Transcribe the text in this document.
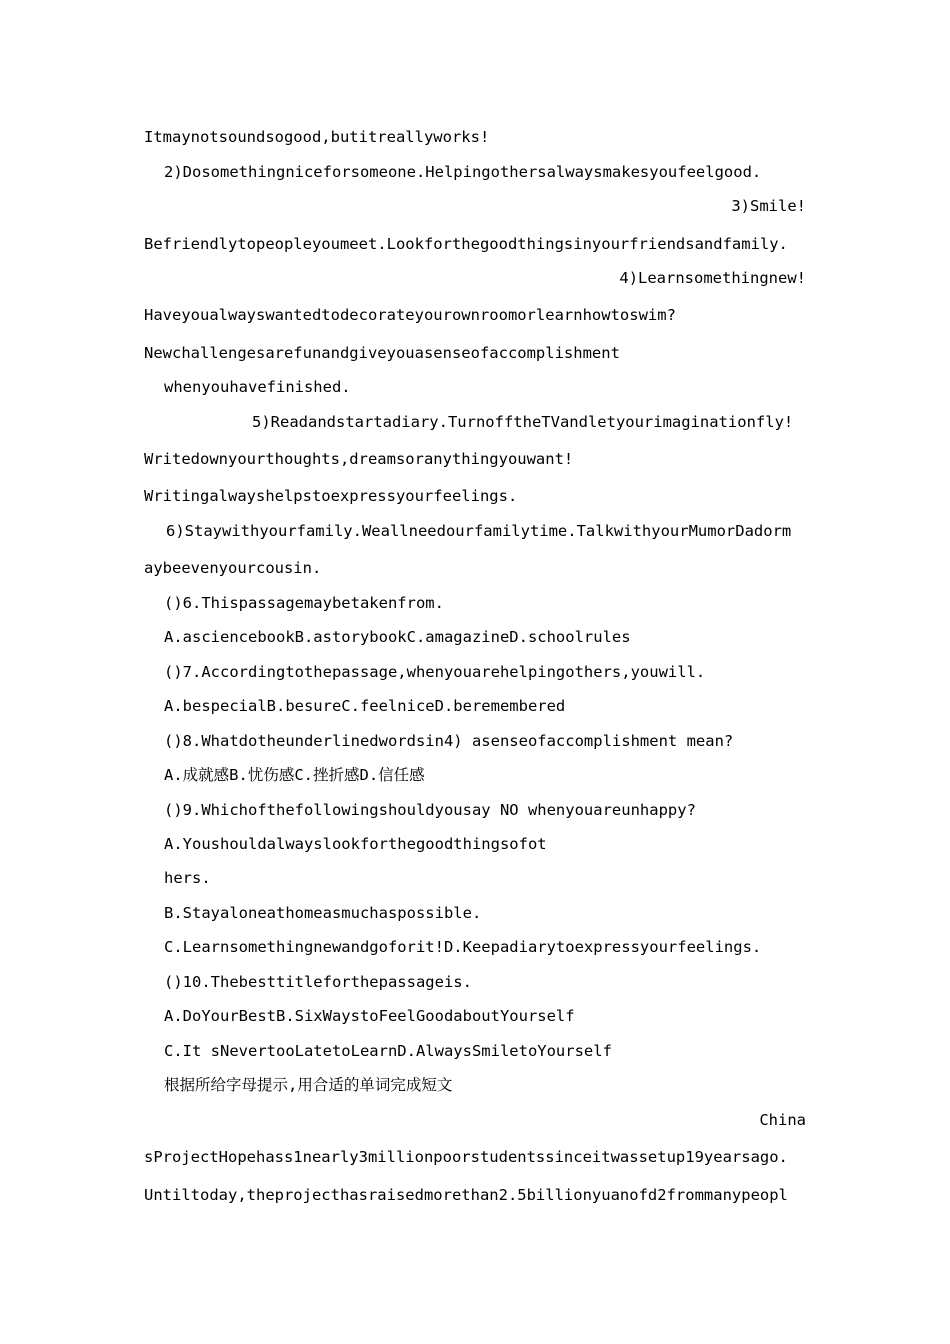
Itmaynotsoundsogood,butitreallyworks!
2)Dosomethingniceforsomeone.Helpingothersalwaysmakesyoufeelgood.
3)Smile!
Befriendlytopeopleyoumeet.Lookforthegoodthingsinyourfriendsandfamily.
4)Learnsomethingnew!
Haveyoualwayswantedtodecorateyourownroomorlearnhowtoswim?
Newchallengesarefunandgiveyouasenseofaccomplishment
whenyouhavefinished.
5)Readandstartadiary.TurnofftheTVandletyourimaginationfly!
Writedownyourthoughts,dreamsoranythingyouwant!
Writingalwayshelpstoexpressyourfeelings.
6)Staywithyourfamily.Weallneedourfamilytime.TalkwithyourMumorDadorm
aybeevenyourcousin.
()6.Thispassagemaybetakenfrom.
A.asciencebookB.astorybookC.amagazineD.schoolrules
()7.Accordingtothepassage,whenyouarehelpingothers,youwill.
A.bespecialB.besureC.feelniceD.beremembered
()8.Whatdotheunderlinedwordsin4) asenseofaccomplishment mean?
A.成就感B.忧伤感C.挫折感D.信任感
()9.Whichofthefollowingshouldyousay NO whenyouareunhappy?
A.Youshouldalwayslookforthegoodthingsofot
hers.
B.Stayaloneathomeasmuchaspossible.
C.Learnsomethingnewandgoforit!D.Keepadiarytoexpressyourfeelings.
()10.Thebesttitleforthepassageis.
A.DoYourBestB.SixWaystoFeelGoodaboutYourself
C.It sNevertooLatetoLearnD.AlwaysSmiletoYourself
根据所给字母提示,用合适的单词完成短文
China
sProjectHopehass1nearly3millionpoorstudentssinceitwassetup19yearsago.
Untiltoday,theprojecthasraisedmorethan2.5billionyuanofd2frommanypeopl
